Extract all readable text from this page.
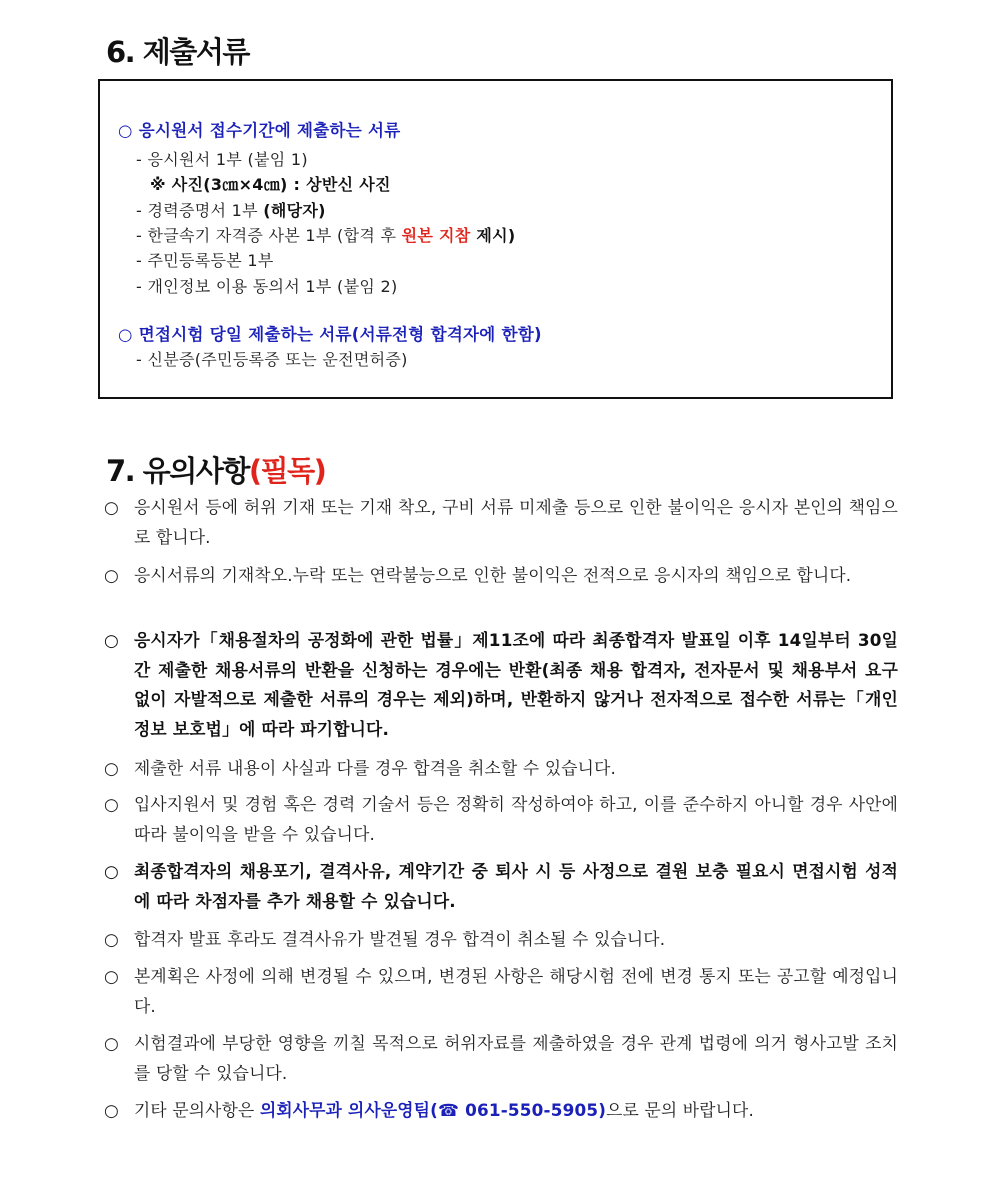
6. 제출서류
○ 응시원서 접수기간에 제출하는 서류
- 응시원서 1부 (붙임 1)
※ 사진(3㎝×4㎝) : 상반신 사진
- 경력증명서 1부 (해당자)
- 한글속기 자격증 사본 1부 (합격 후 원본 지참 제시)
- 주민등록등본 1부
- 개인정보 이용 동의서 1부 (붙임 2)
○ 면접시험 당일 제출하는 서류(서류전형 합격자에 한함)
- 신분증(주민등록증 또는 운전면허증)
7. 유의사항(필독)
○ 응시원서 등에 허위 기재 또는 기재 착오, 구비 서류 미제출 등으로 인한 불이익은 응시자 본인의 책임으로 합니다.
○ 응시서류의 기재착오.누락 또는 연락불능으로 인한 불이익은 전적으로 응시자의 책임으로 합니다.
○ 응시자가「채용절차의 공정화에 관한 법률」제11조에 따라 최종합격자 발표일 이후 14일부터 30일 간 제출한 채용서류의 반환을 신청하는 경우에는 반환(최종 채용 합격자, 전자문서 및 채용부서 요구 없이 자발적으로 제출한 서류의 경우는 제외)하며, 반환하지 않거나 전자적으로 접수한 서류는「개인정보 보호법」에 따라 파기합니다.
○ 제출한 서류 내용이 사실과 다를 경우 합격을 취소할 수 있습니다.
○ 입사지원서 및 경험 혹은 경력 기술서 등은 정확히 작성하여야 하고, 이를 준수하지 아니할 경우 사안에 따라 불이익을 받을 수 있습니다.
○ 최종합격자의 채용포기, 결격사유, 계약기간 중 퇴사 시 등 사정으로 결원 보충 필요시 면접시험 성적에 따라 차점자를 추가 채용할 수 있습니다.
○ 합격자 발표 후라도 결격사유가 발견될 경우 합격이 취소될 수 있습니다.
○ 본계획은 사정에 의해 변경될 수 있으며, 변경된 사항은 해당시험 전에 변경 통지 또는 공고할 예정입니다.
○ 시험결과에 부당한 영향을 끼칠 목적으로 허위자료를 제출하였을 경우 관계 법령에 의거 형사고발 조치를 당할 수 있습니다.
○ 기타 문의사항은 의회사무과 의사운영팀(☎ 061-550-5905)으로 문의 바랍니다.
